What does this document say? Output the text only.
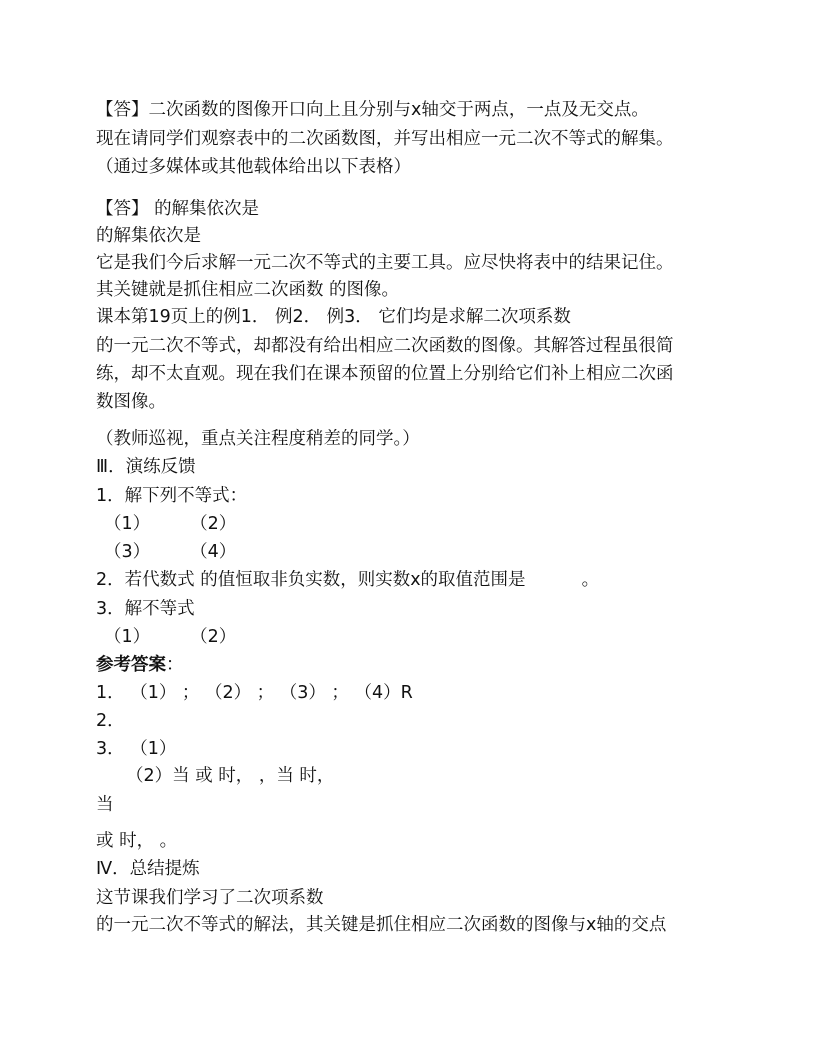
【答】二次函数的图像开口向上且分别与x轴交于两点，一点及无交点。
现在请同学们观察表中的二次函数图，并写出相应一元二次不等式的解集。
（通过多媒体或其他载体给出以下表格）
【答】 的解集依次是
的解集依次是
它是我们今后求解一元二次不等式的主要工具。应尽快将表中的结果记住。
其关键就是抓住相应二次函数 的图像。
课本第19页上的例1． 例2． 例3． 它们均是求解二次项系数
的一元二次不等式，却都没有给出相应二次函数的图像。其解答过程虽很简
练，却不太直观。现在我们在课本预留的位置上分别给它们补上相应二次函
数图像。
（教师巡视，重点关注程度稍差的同学。）
Ⅲ．演练反馈
1．解下列不等式：
（1） （2）
（3） （4）
2．若代数式 的值恒取非负实数，则实数x的取值范围是	。
3．解不等式
（1） （2）
参考答案：
1． （1） ； （2） ； （3） ； （4）R
2．
3． （1）
（2）当 或 时， ，当 时，
当
或 时， 。
Ⅳ．总结提炼
这节课我们学习了二次项系数
的一元二次不等式的解法，其关键是抓住相应二次函数的图像与x轴的交点
